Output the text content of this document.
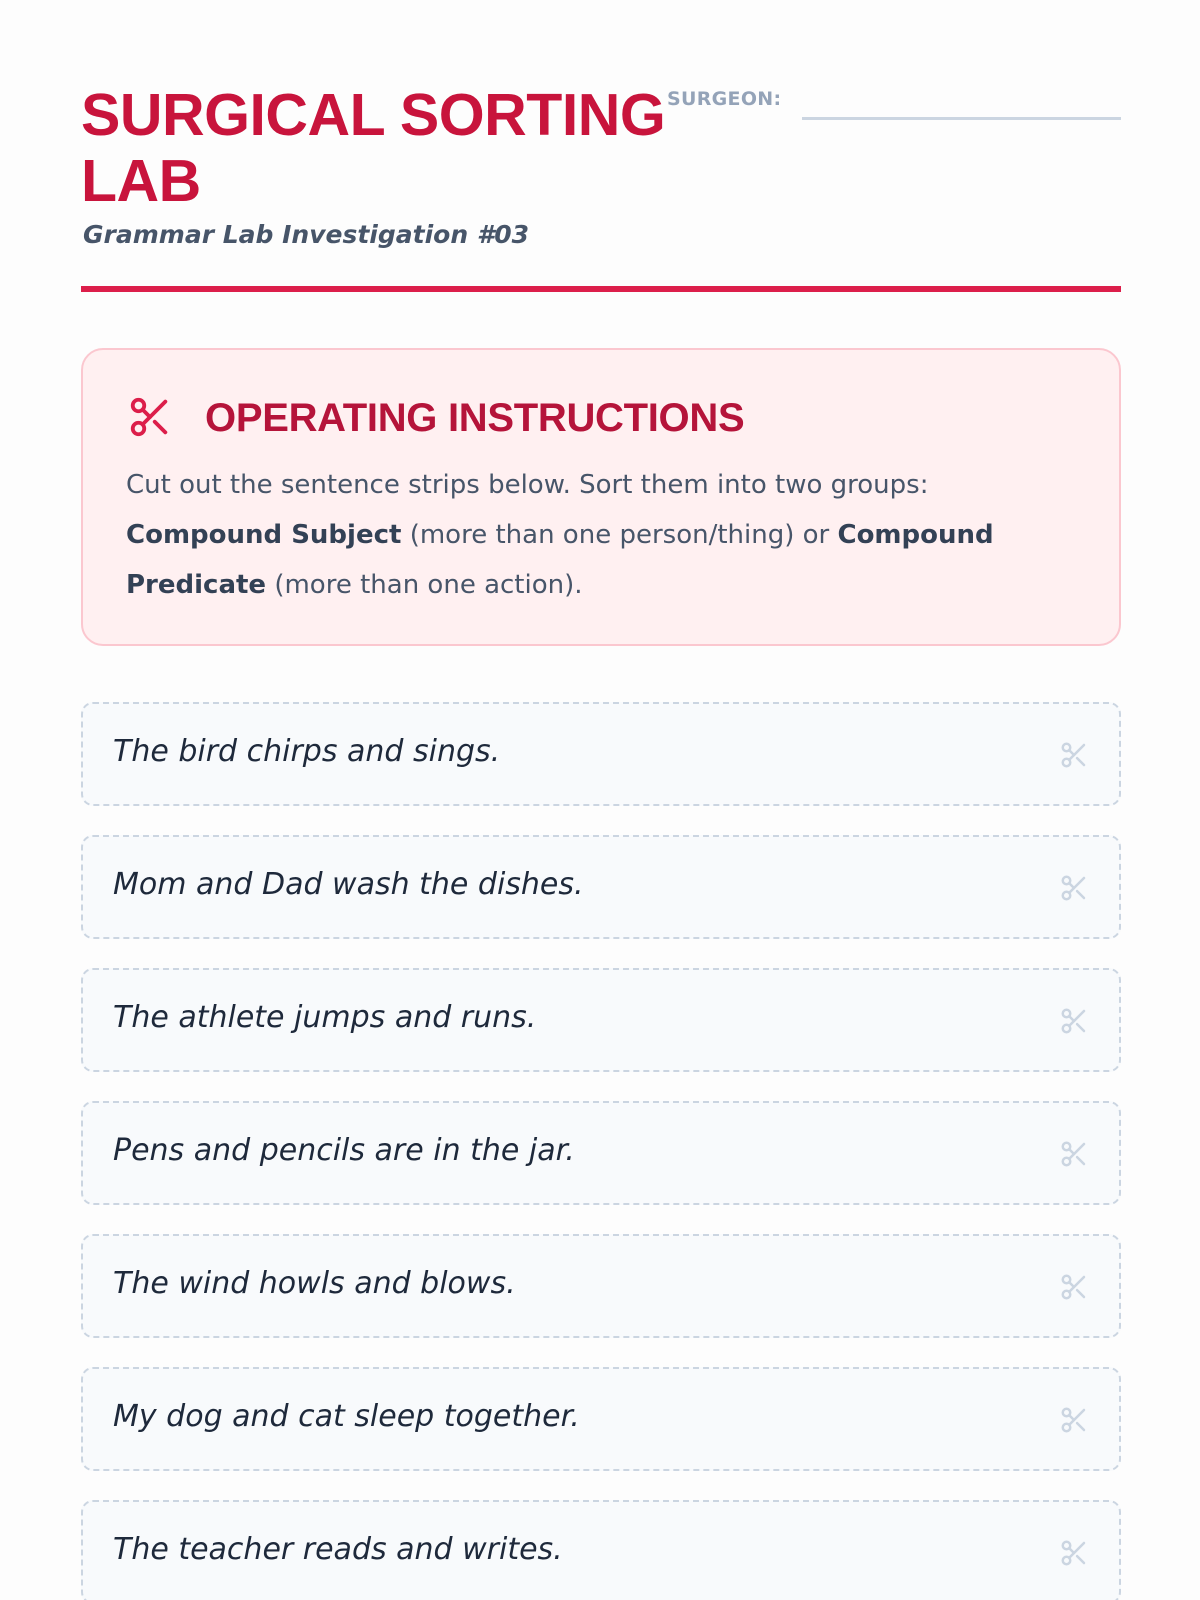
SURGICAL SORTING LAB
Grammar Lab Investigation #03
SURGEON:
OPERATING INSTRUCTIONS

Cut out the sentence strips below. Sort them into two groups: Compound Subject (more than one person/thing) or Compound Predicate (more than one action).

The bird chirps and sings.
Mom and Dad wash the dishes.
The athlete jumps and runs.
Pens and pencils are in the jar.
The wind howls and blows.
My dog and cat sleep together.
The teacher reads and writes.
